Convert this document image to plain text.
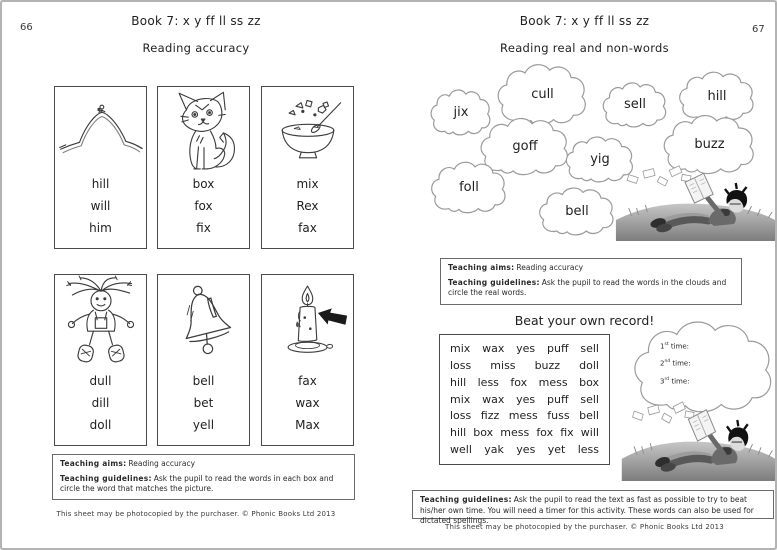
66	Book 7: x y ff ll ss zz
Reading accuracy
hill
will
him
box
fox
fix
mix
Rex
fax
dull
dill
doll
bell
bet
yell
fax
wax
Max

Teaching aims: Reading accuracy

Teaching guidelines: Ask the pupil to read the words in each box and circle the word that matches the picture.

This sheet may be photocopied by the purchaser. © Phonic Books Ltd 2013
67
Book 7: x y ff ll ss zz
Reading real and non-words
jix
cull
sell
hill
goff
yig
buzz
foll
bell

Teaching aims: Reading accuracy

Teaching guidelines: Ask the pupil to read the words in the clouds and circle the real words.

Beat your own record!
mix wax yes puff sell
loss miss buzz doll
hill less fox mess box
mix wax yes puff sell
loss fizz mess fuss bell
hill box mess fox fix will
well yak yes yet less
1st time:
2nd time:
3rd time:

Teaching guidelines: Ask the pupil to read the text as fast as possible to try to beat his/her own time. You will need a timer for this activity. These words can also be used for dictated spellings.

This sheet may be photocopied by the purchaser. © Phonic Books Ltd 2013
